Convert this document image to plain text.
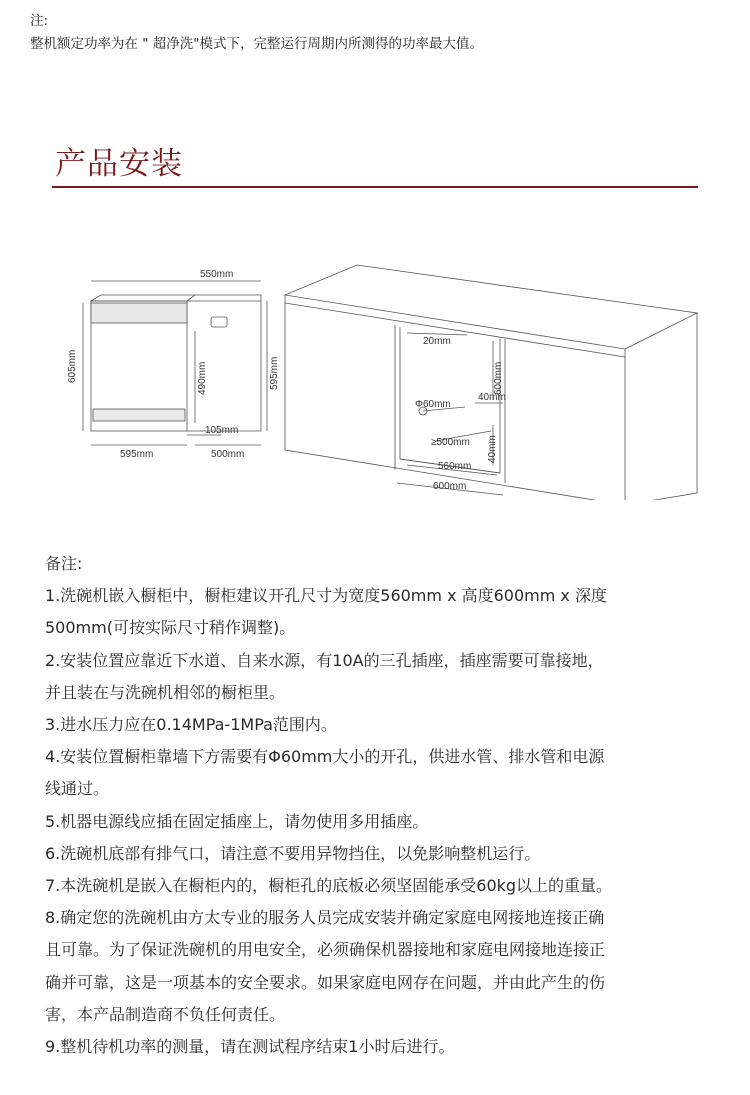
注:
整机额定功率为在 " 超净洗"模式下，完整运行周期内所测得的功率最大值。
产品安装
550mm
605mm	490mm	595mm
105mm
595mm	500mm
20mm
600mm
40mm
Φ60mm
≥500mm 40mm
560mm
600mm

备注:

1.洗碗机嵌入橱柜中，橱柜建议开孔尺寸为宽度560mm x 高度600mm x 深度

500mm(可按实际尺寸稍作调整)。

2.安装位置应靠近下水道、自来水源，有10A的三孔插座，插座需要可靠接地，

并且装在与洗碗机相邻的橱柜里。

3.进水压力应在0.14MPa-1MPa范围内。

4.安装位置橱柜靠墙下方需要有Φ60mm大小的开孔，供进水管、排水管和电源

线通过。

5.机器电源线应插在固定插座上，请勿使用多用插座。

6.洗碗机底部有排气口，请注意不要用异物挡住，以免影响整机运行。

7.本洗碗机是嵌入在橱柜内的，橱柜孔的底板必须坚固能承受60kg以上的重量。

8.确定您的洗碗机由方太专业的服务人员完成安装并确定家庭电网接地连接正确

且可靠。为了保证洗碗机的用电安全，必须确保机器接地和家庭电网接地连接正

确并可靠，这是一项基本的安全要求。如果家庭电网存在问题，并由此产生的伤

害，本产品制造商不负任何责任。

9.整机待机功率的测量，请在测试程序结束1小时后进行。
